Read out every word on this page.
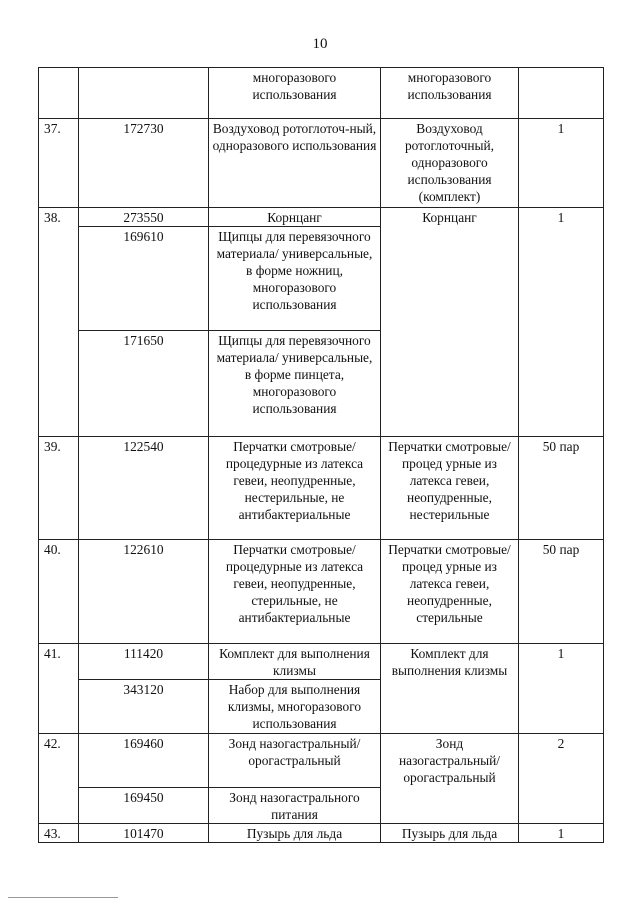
10
		многоразового использования	многоразового использования	
37.	172730	Воздуховод ротоглоточ-ный, одноразового использования	Воздуховод ротоглоточный, одноразового использования (комплект)	1
38.	273550	Корнцанг	Корнцанг	1
	169610	Щипцы для перевязочного материала/ универсальные, в форме ножниц, многоразового использования		
	171650	Щипцы для перевязочного материала/ универсальные, в форме пинцета, многоразового использования		
39.	122540	Перчатки смотровые/процедурные из латекса гевеи, неопудренные, нестерильные, не антибактериальные	Перчатки смотровые/процед урные из латекса гевеи, неопудренные, нестерильные	50 пар
40.	122610	Перчатки смотровые/процедурные из латекса гевеи, неопудренные, стерильные, не антибактериальные	Перчатки смотровые/процед урные из латекса гевеи, неопудренные, стерильные	50 пар
41.	111420	Комплект для выполнения клизмы	Комплект для выполнения клизмы	1
	343120	Набор для выполнения клизмы, многоразового использования		
42.	169460	Зонд назогастральный/ орогастральный	Зонд назогастральный/ орогастральный	2
	169450	Зонд назогастрального питания		
43.	101470	Пузырь для льда	Пузырь для льда	1
